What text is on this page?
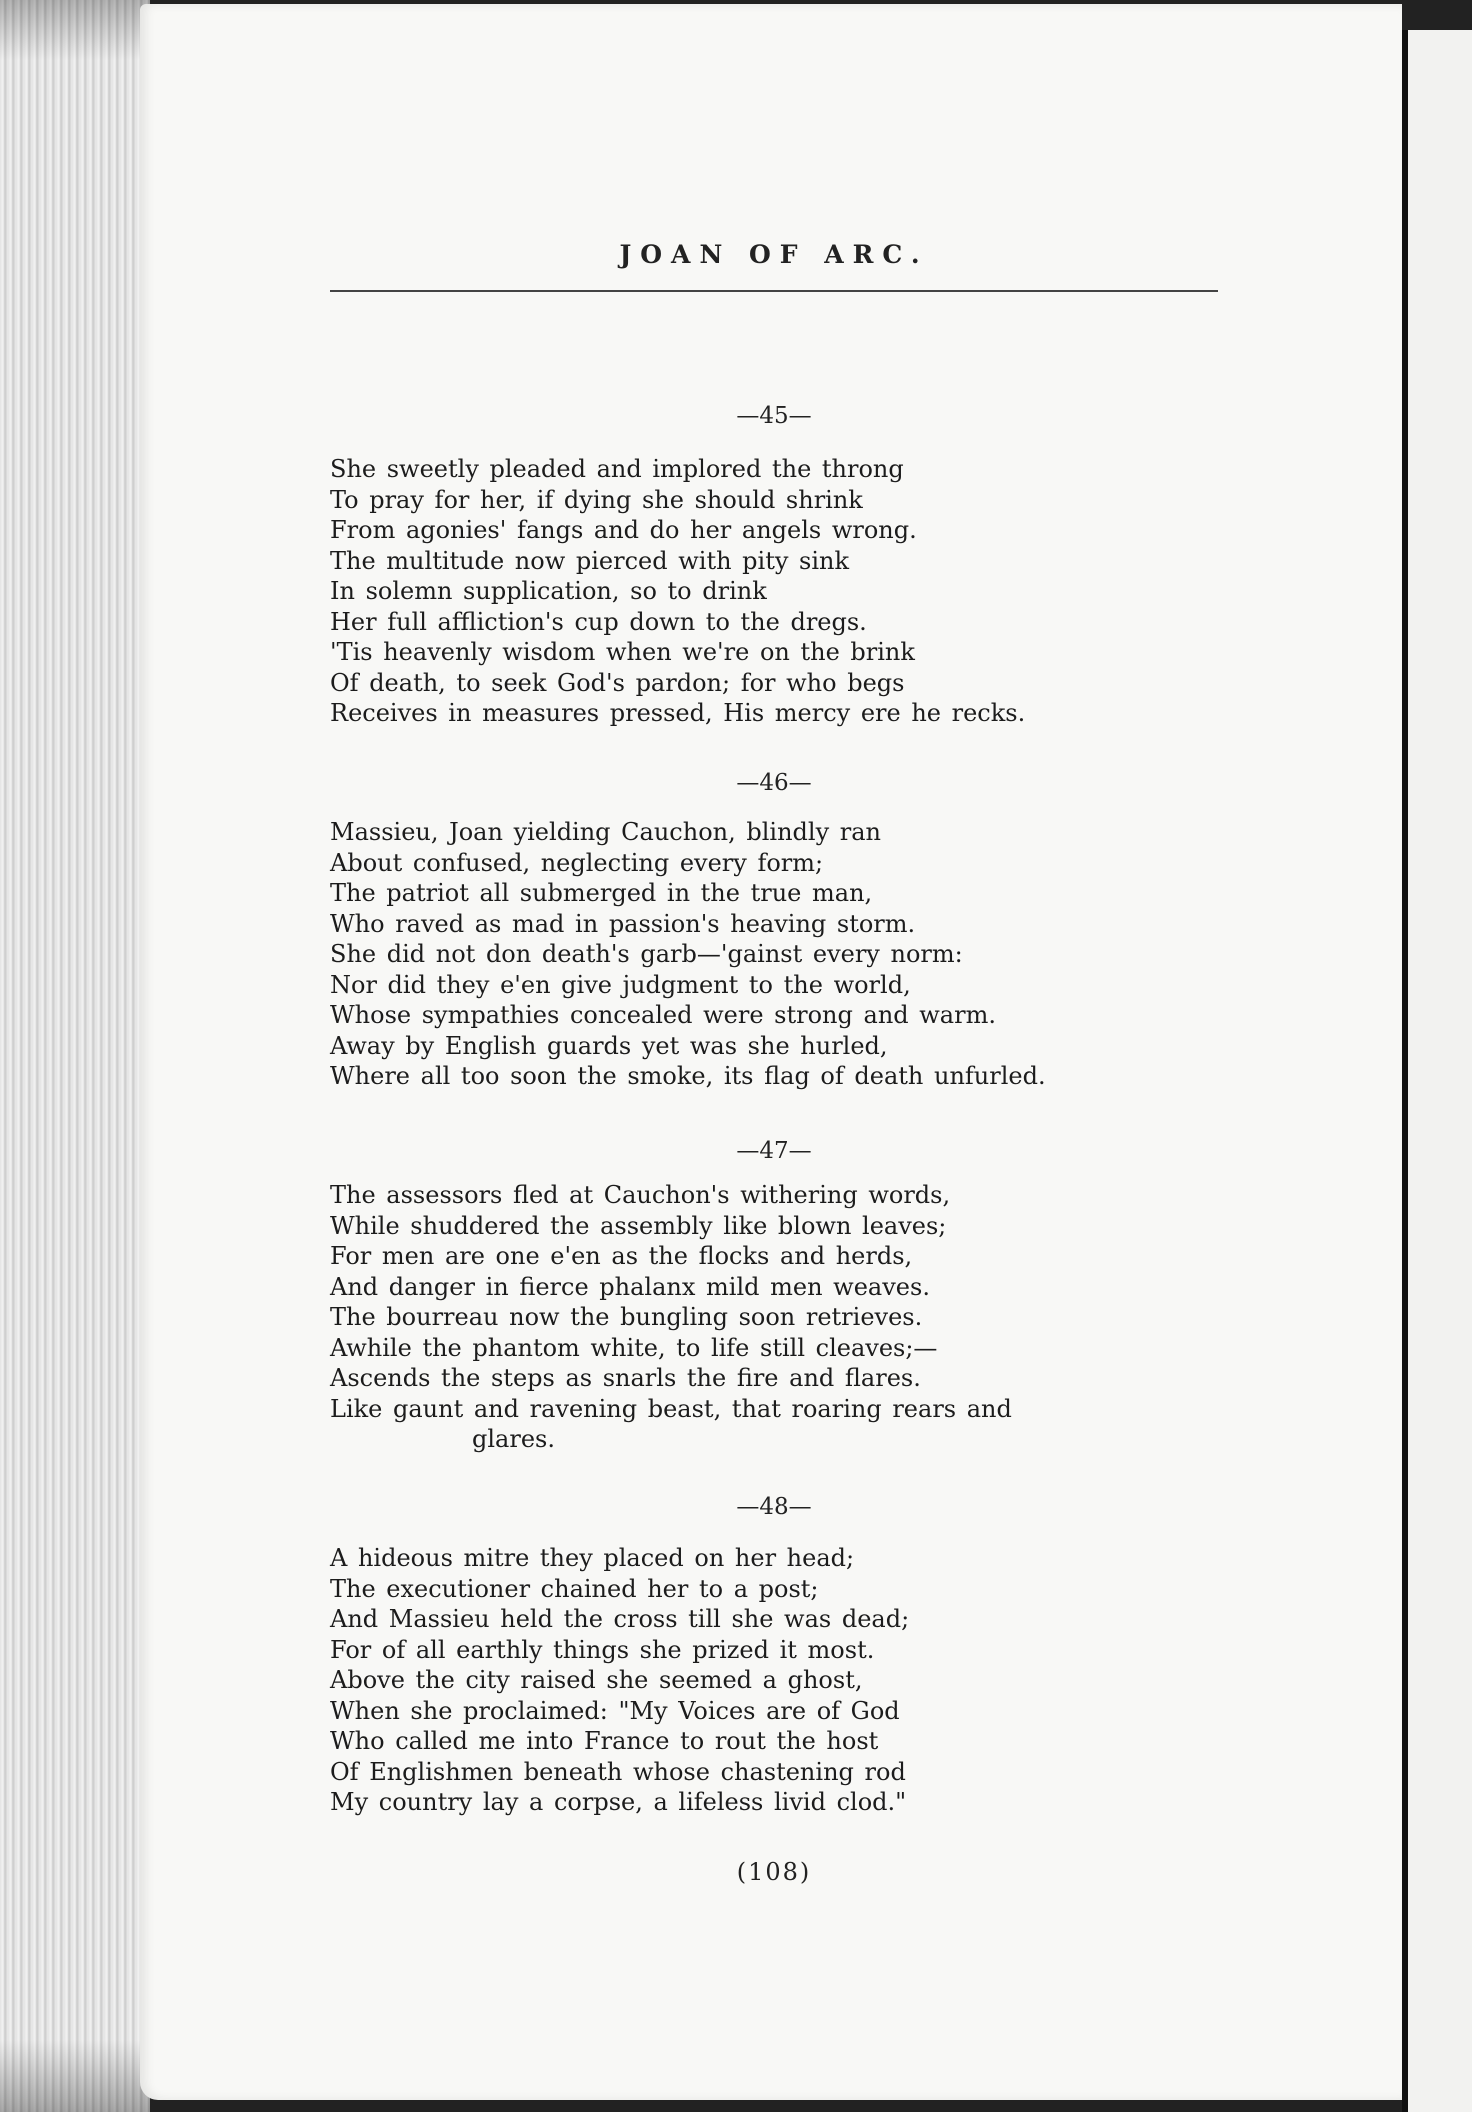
JOAN OF ARC.
—45—
She sweetly pleaded and implored the throng
To pray for her, if dying she should shrink
From agonies' fangs and do her angels wrong.
The multitude now pierced with pity sink
In solemn supplication, so to drink
Her full affliction's cup down to the dregs.
'Tis heavenly wisdom when we're on the brink
Of death, to seek God's pardon; for who begs
Receives in measures pressed, His mercy ere he recks.
—46—
Massieu, Joan yielding Cauchon, blindly ran
About confused, neglecting every form;
The patriot all submerged in the true man,
Who raved as mad in passion's heaving storm.
She did not don death's garb—'gainst every norm:
Nor did they e'en give judgment to the world,
Whose sympathies concealed were strong and warm.
Away by English guards yet was she hurled,
Where all too soon the smoke, its flag of death unfurled.
—47—
The assessors fled at Cauchon's withering words,
While shuddered the assembly like blown leaves;
For men are one e'en as the flocks and herds,
And danger in fierce phalanx mild men weaves.
The bourreau now the bungling soon retrieves.
Awhile the phantom white, to life still cleaves;—
Ascends the steps as snarls the fire and flares.
Like gaunt and ravening beast, that roaring rears and
glares.
—48—
A hideous mitre they placed on her head;
The executioner chained her to a post;
And Massieu held the cross till she was dead;
For of all earthly things she prized it most.
Above the city raised she seemed a ghost,
When she proclaimed: "My Voices are of God
Who called me into France to rout the host
Of Englishmen beneath whose chastening rod
My country lay a corpse, a lifeless livid clod."
(108)
